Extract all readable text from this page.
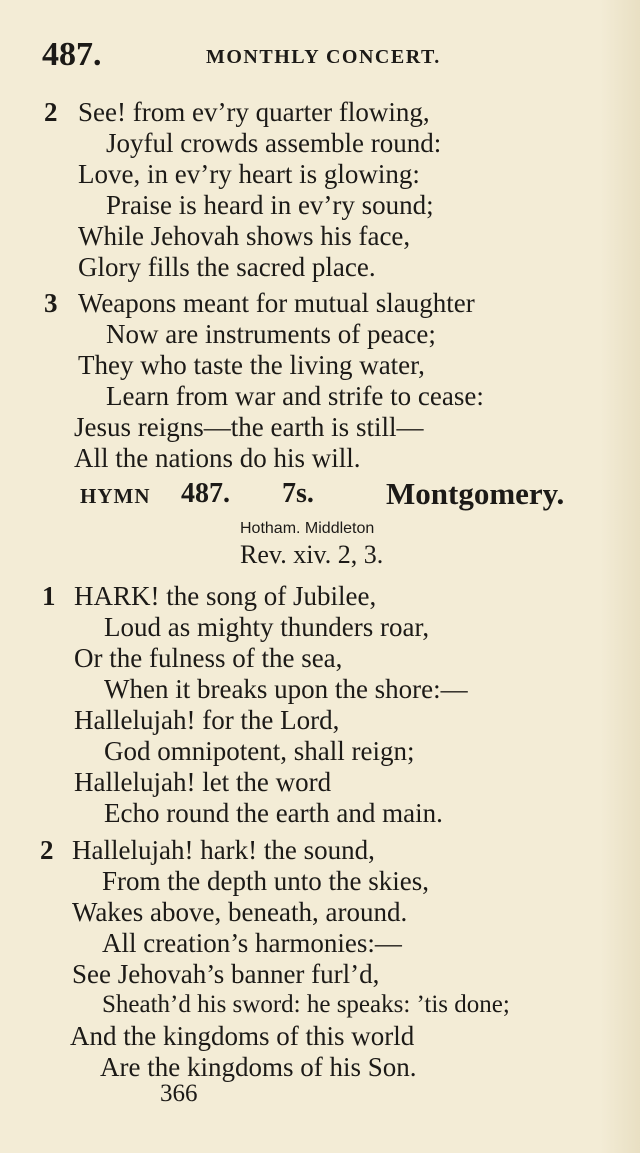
487.	MONTHLY CONCERT.
2 See! from ev’ry quarter flowing,
Joyful crowds assemble round:
Love, in ev’ry heart is glowing:
Praise is heard in ev’ry sound;
While Jehovah shows his face,
Glory fills the sacred place.
3 Weapons meant for mutual slaughter
Now are instruments of peace;
They who taste the living water,
Learn from war and strife to cease:
Jesus reigns—the earth is still—
All the nations do his will.
HYMN 487. 7s. Montgomery.
Hotham. Middleton
Rev. xiv. 2, 3.
1 HARK! the song of Jubilee,
Loud as mighty thunders roar,
Or the fulness of the sea,
When it breaks upon the shore:—
Hallelujah! for the Lord,
God omnipotent, shall reign;
Hallelujah! let the word
Echo round the earth and main.
2 Hallelujah! hark! the sound,
From the depth unto the skies,
Wakes above, beneath, around.
All creation’s harmonies:—
See Jehovah’s banner furl’d,
Sheath’d his sword: he speaks: ’tis done;
And the kingdoms of this world
Are the kingdoms of his Son.
366
